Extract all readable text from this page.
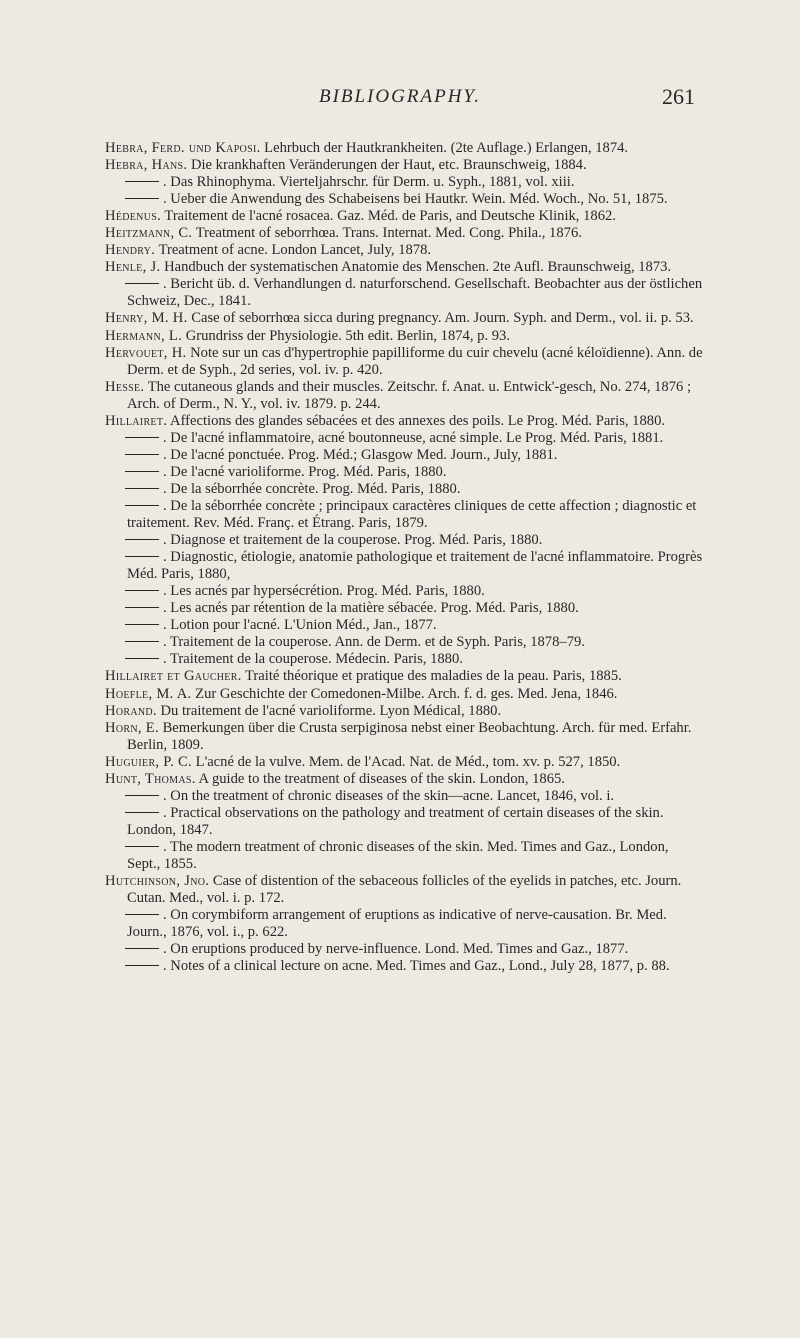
BIBLIOGRAPHY.	261

Hebra, Ferd. und Kaposi. Lehrbuch der Hautkrankheiten. (2te Auflage.) Erlangen, 1874.

Hebra, Hans. Die krankhaften Veränderungen der Haut, etc. Braunschweig, 1884.

. Das Rhinophyma. Vierteljahrschr. für Derm. u. Syph., 1881, vol. xiii.

. Ueber die Anwendung des Schabeisens bei Hautkr. Wein. Méd. Woch., No. 51, 1875.

Hédenus. Traitement de l'acné rosacea. Gaz. Méd. de Paris, and Deutsche Klinik, 1862.

Heitzmann, C. Treatment of seborrhœa. Trans. Internat. Med. Cong. Phila., 1876.

Hendry. Treatment of acne. London Lancet, July, 1878.

Henle, J. Handbuch der systematischen Anatomie des Menschen. 2te Aufl. Braunschweig, 1873.

. Bericht üb. d. Verhandlungen d. naturforschend. Gesellschaft. Beobachter aus der östlichen Schweiz, Dec., 1841.

Henry, M. H. Case of seborrhœa sicca during pregnancy. Am. Journ. Syph. and Derm., vol. ii. p. 53.

Hermann, L. Grundriss der Physiologie. 5th edit. Berlin, 1874, p. 93.

Hervouet, H. Note sur un cas d'hypertrophie papilliforme du cuir chevelu (acné kéloïdienne). Ann. de Derm. et de Syph., 2d series, vol. iv. p. 420.

Hesse. The cutaneous glands and their muscles. Zeitschr. f. Anat. u. Entwick'-gesch, No. 274, 1876 ; Arch. of Derm., N. Y., vol. iv. 1879. p. 244.

Hillairet. Affections des glandes sébacées et des annexes des poils. Le Prog. Méd. Paris, 1880.

. De l'acné inflammatoire, acné boutonneuse, acné simple. Le Prog. Méd. Paris, 1881.

. De l'acné ponctuée. Prog. Méd.; Glasgow Med. Journ., July, 1881.

. De l'acné varioliforme. Prog. Méd. Paris, 1880.

. De la séborrhée concrète. Prog. Méd. Paris, 1880.

. De la séborrhée concrète ; principaux caractères cliniques de cette affection ; diagnostic et traitement. Rev. Méd. Franç. et Étrang. Paris, 1879.

. Diagnose et traitement de la couperose. Prog. Méd. Paris, 1880.

. Diagnostic, étiologie, anatomie pathologique et traitement de l'acné inflammatoire. Progrès Méd. Paris, 1880,

. Les acnés par hypersécrétion. Prog. Méd. Paris, 1880.

. Les acnés par rétention de la matière sébacée. Prog. Méd. Paris, 1880.

. Lotion pour l'acné. L'Union Méd., Jan., 1877.

. Traitement de la couperose. Ann. de Derm. et de Syph. Paris, 1878–79.

. Traitement de la couperose. Médecin. Paris, 1880.

Hillairet et Gaucher. Traité théorique et pratique des maladies de la peau. Paris, 1885.

Hoefle, M. A. Zur Geschichte der Comedonen-Milbe. Arch. f. d. ges. Med. Jena, 1846.

Horand. Du traitement de l'acné varioliforme. Lyon Médical, 1880.

Horn, E. Bemerkungen über die Crusta serpiginosa nebst einer Beobachtung. Arch. für med. Erfahr. Berlin, 1809.

Huguier, P. C. L'acné de la vulve. Mem. de l'Acad. Nat. de Méd., tom. xv. p. 527, 1850.

Hunt, Thomas. A guide to the treatment of diseases of the skin. London, 1865.

. On the treatment of chronic diseases of the skin—acne. Lancet, 1846, vol. i.

. Practical observations on the pathology and treatment of certain diseases of the skin. London, 1847.

. The modern treatment of chronic diseases of the skin. Med. Times and Gaz., London, Sept., 1855.

Hutchinson, Jno. Case of distention of the sebaceous follicles of the eyelids in patches, etc. Journ. Cutan. Med., vol. i. p. 172.

. On corymbiform arrangement of eruptions as indicative of nerve-causation. Br. Med. Journ., 1876, vol. i., p. 622.

. On eruptions produced by nerve-influence. Lond. Med. Times and Gaz., 1877.

. Notes of a clinical lecture on acne. Med. Times and Gaz., Lond., July 28, 1877, p. 88.
